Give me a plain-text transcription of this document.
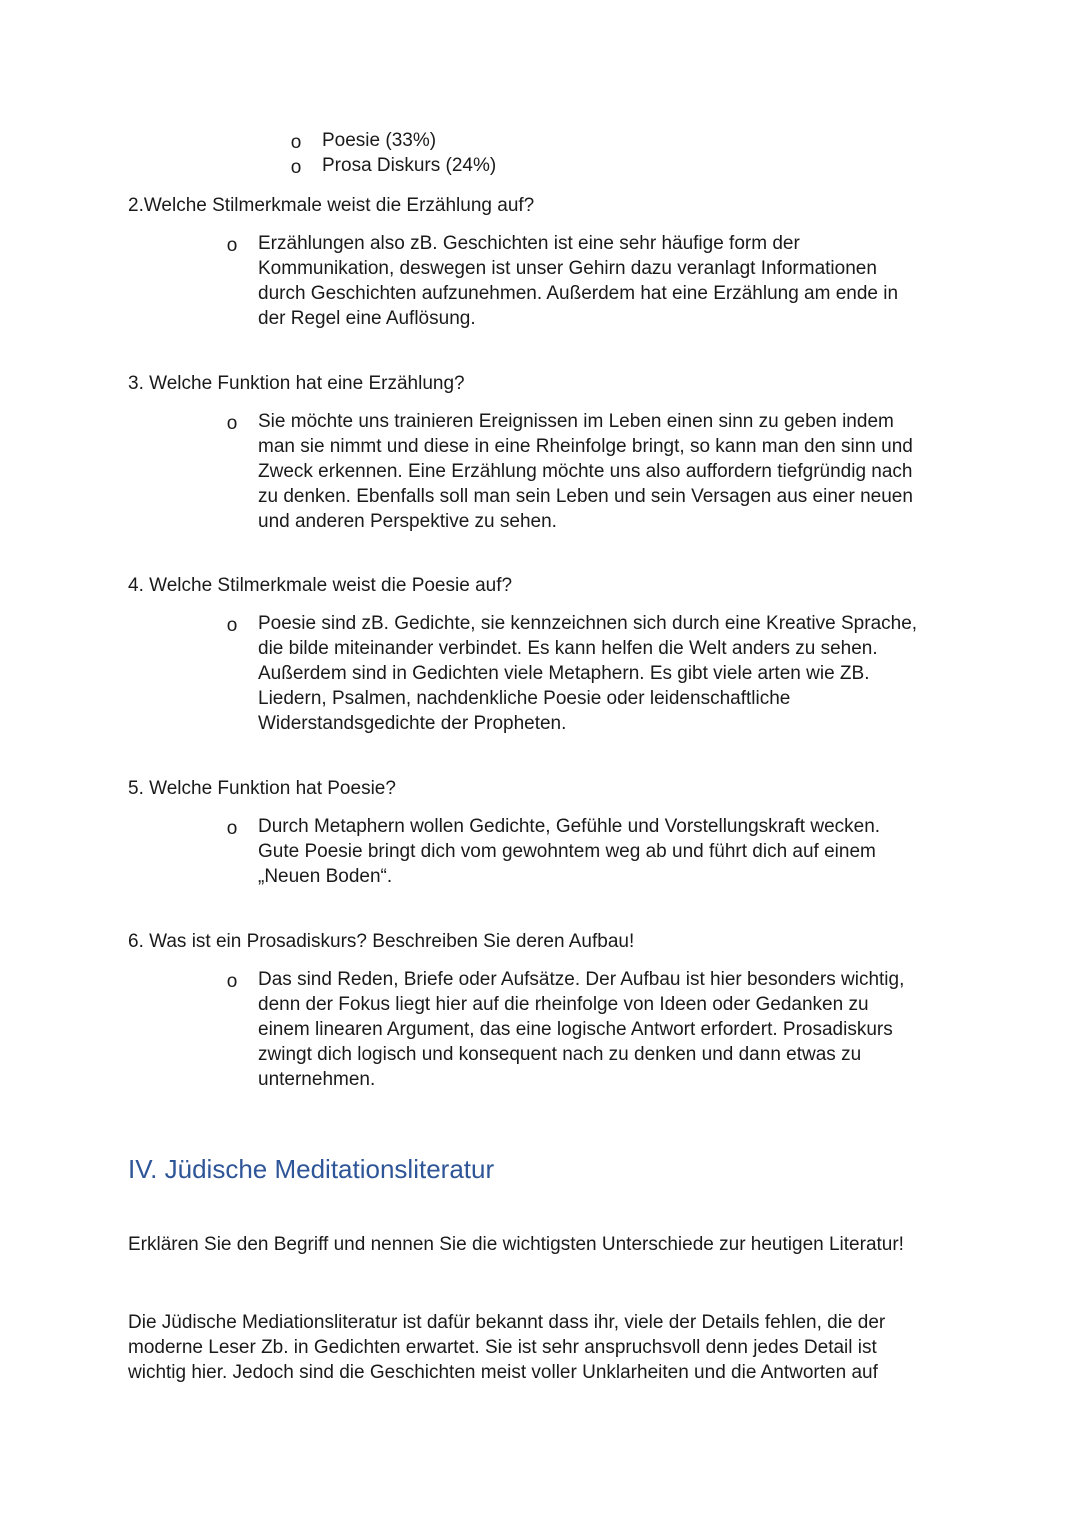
o Poesie (33%)

o Prosa Diskurs (24%)

2.Welche Stilmerkmale weist die Erzählung auf?

o Erzählungen also zB. Geschichten ist eine sehr häufige form der
Kommunikation, deswegen ist unser Gehirn dazu veranlagt Informationen
durch Geschichten aufzunehmen. Außerdem hat eine Erzählung am ende in
der Regel eine Auflösung.

3. Welche Funktion hat eine Erzählung?

o Sie möchte uns trainieren Ereignissen im Leben einen sinn zu geben indem
man sie nimmt und diese in eine Rheinfolge bringt, so kann man den sinn und
Zweck erkennen. Eine Erzählung möchte uns also auffordern tiefgründig nach
zu denken. Ebenfalls soll man sein Leben und sein Versagen aus einer neuen
und anderen Perspektive zu sehen.

4. Welche Stilmerkmale weist die Poesie auf?

o Poesie sind zB. Gedichte, sie kennzeichnen sich durch eine Kreative Sprache,
die bilde miteinander verbindet. Es kann helfen die Welt anders zu sehen.
Außerdem sind in Gedichten viele Metaphern. Es gibt viele arten wie ZB.
Liedern, Psalmen, nachdenkliche Poesie oder leidenschaftliche
Widerstandsgedichte der Propheten.

5. Welche Funktion hat Poesie?

o Durch Metaphern wollen Gedichte, Gefühle und Vorstellungskraft wecken.
Gute Poesie bringt dich vom gewohntem weg ab und führt dich auf einem
„Neuen Boden“.

6. Was ist ein Prosadiskurs? Beschreiben Sie deren Aufbau!

o Das sind Reden, Briefe oder Aufsätze. Der Aufbau ist hier besonders wichtig,
denn der Fokus liegt hier auf die rheinfolge von Ideen oder Gedanken zu
einem linearen Argument, das eine logische Antwort erfordert. Prosadiskurs
zwingt dich logisch und konsequent nach zu denken und dann etwas zu
unternehmen.
IV. Jüdische Meditationsliteratur

Erklären Sie den Begriff und nennen Sie die wichtigsten Unterschiede zur heutigen Literatur!

Die Jüdische Mediationsliteratur ist dafür bekannt dass ihr, viele der Details fehlen, die der
moderne Leser Zb. in Gedichten erwartet. Sie ist sehr anspruchsvoll denn jedes Detail ist
wichtig hier. Jedoch sind die Geschichten meist voller Unklarheiten und die Antworten auf
